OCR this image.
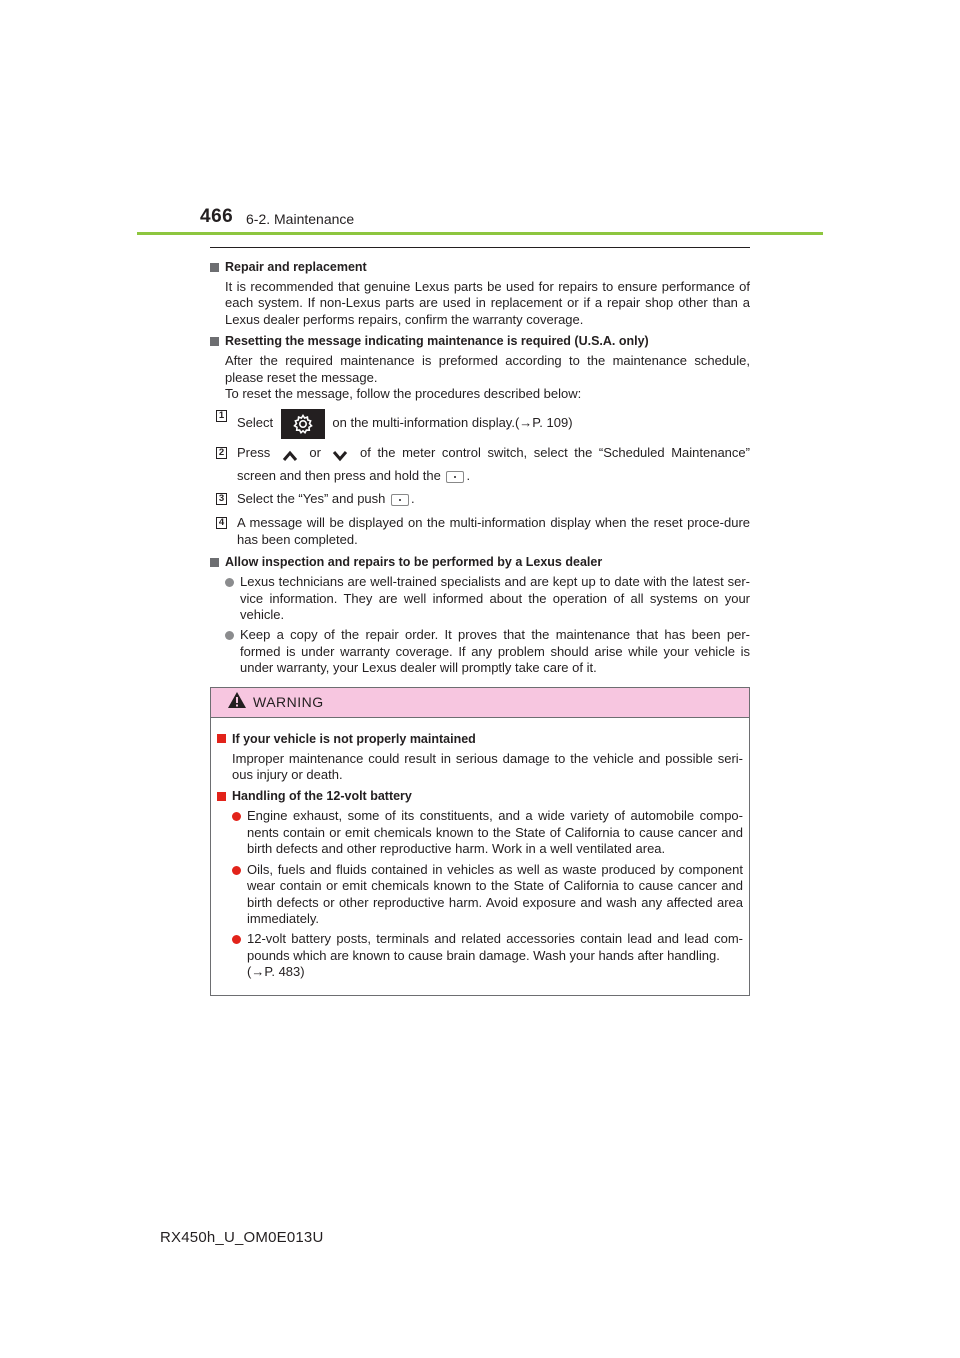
466 6-2. Maintenance
Repair and replacement
It is recommended that genuine Lexus parts be used for repairs to ensure performance of each system. If non-Lexus parts are used in replacement or if a repair shop other than a Lexus dealer performs repairs, confirm the warranty coverage.
Resetting the message indicating maintenance is required (U.S.A. only)
After the required maintenance is preformed according to the maintenance schedule, please reset the message.
To reset the message, follow the procedures described below:
1 Select	on the multi-information display.(→P. 109)
2 Press	or	of the meter control switch, select the “Scheduled Maintenance” screen and then press and hold the .
3 Select the “Yes” and push .
4 A message will be displayed on the multi-information display when the reset proce-dure has been completed.
Allow inspection and repairs to be performed by a Lexus dealer
Lexus technicians are well-trained specialists and are kept up to date with the latest ser-vice information. They are well informed about the operation of all systems on your vehicle.
Keep a copy of the repair order. It proves that the maintenance that has been per-formed is under warranty coverage. If any problem should arise while your vehicle is under warranty, your Lexus dealer will promptly take care of it.
WARNING
If your vehicle is not properly maintained
Improper maintenance could result in serious damage to the vehicle and possible seri-ous injury or death.
Handling of the 12-volt battery
Engine exhaust, some of its constituents, and a wide variety of automobile compo-nents contain or emit chemicals known to the State of California to cause cancer and birth defects and other reproductive harm. Work in a well ventilated area.
Oils, fuels and fluids contained in vehicles as well as waste produced by component wear contain or emit chemicals known to the State of California to cause cancer and birth defects or other reproductive harm. Avoid exposure and wash any affected area immediately.
12-volt battery posts, terminals and related accessories contain lead and lead com-pounds which are known to cause brain damage. Wash your hands after handling.
(→P. 483)
RX450h_U_OM0E013U
